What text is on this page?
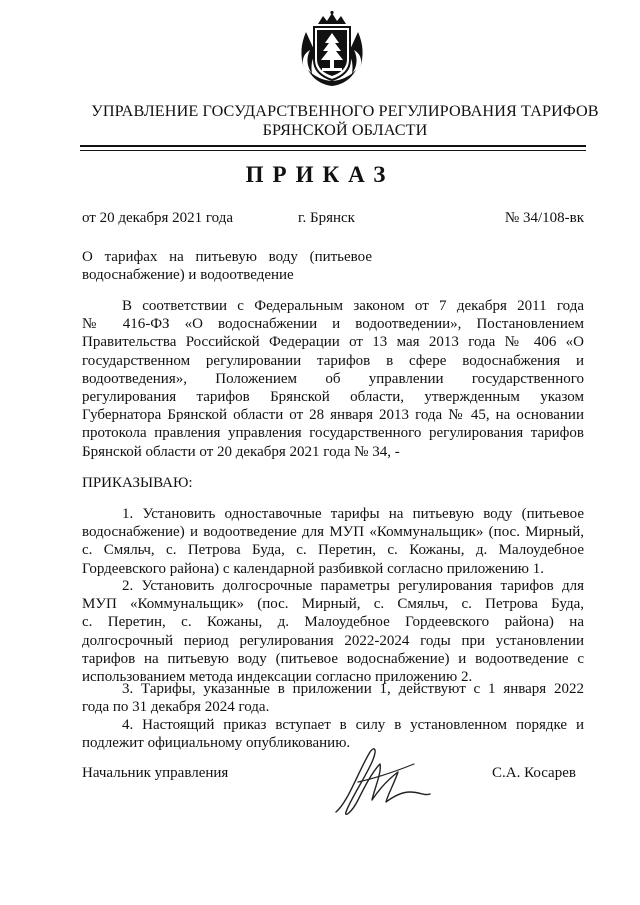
УПРАВЛЕНИЕ ГОСУДАРСТВЕННОГО РЕГУЛИРОВАНИЯ ТАРИФОВ
БРЯНСКОЙ ОБЛАСТИ
ПРИКАЗ
от 20 декабря 2021 года	г. Брянск	№ 34/108-вк
О тарифах на питьевую воду (питьевое
водоснабжение) и водоотведение
В соответствии с Федеральным законом от 7 декабря 2011 года
№ 416-ФЗ «О водоснабжении и водоотведении», Постановлением
Правительства Российской Федерации от 13 мая 2013 года № 406 «О
государственном регулировании тарифов в сфере водоснабжения и
водоотведения», Положением об управлении государственного
регулирования тарифов Брянской области, утвержденным указом
Губернатора Брянской области от 28 января 2013 года № 45, на основании
протокола правления управления государственного регулирования тарифов
Брянской области от 20 декабря 2021 года № 34, -
ПРИКАЗЫВАЮ:
1. Установить одноставочные тарифы на питьевую воду (питьевое
водоснабжение) и водоотведение для МУП «Коммунальщик» (пос. Мирный,
с. Смяльч, с. Петрова Буда, с. Перетин, с. Кожаны, д. Малоудебное
Гордеевского района) с календарной разбивкой согласно приложению 1.
2. Установить долгосрочные параметры регулирования тарифов для
МУП «Коммунальщик» (пос. Мирный, с. Смяльч, с. Петрова Буда,
с. Перетин, с. Кожаны, д. Малоудебное Гордеевского района) на
долгосрочный период регулирования 2022-2024 годы при установлении
тарифов на питьевую воду (питьевое водоснабжение) и водоотведение с
использованием метода индексации согласно приложению 2.
3. Тарифы, указанные в приложении 1, действуют с 1 января 2022
года по 31 декабря 2024 года.
4. Настоящий приказ вступает в силу в установленном порядке и
подлежит официальному опубликованию.
Начальник управления	С.А. Косарев
